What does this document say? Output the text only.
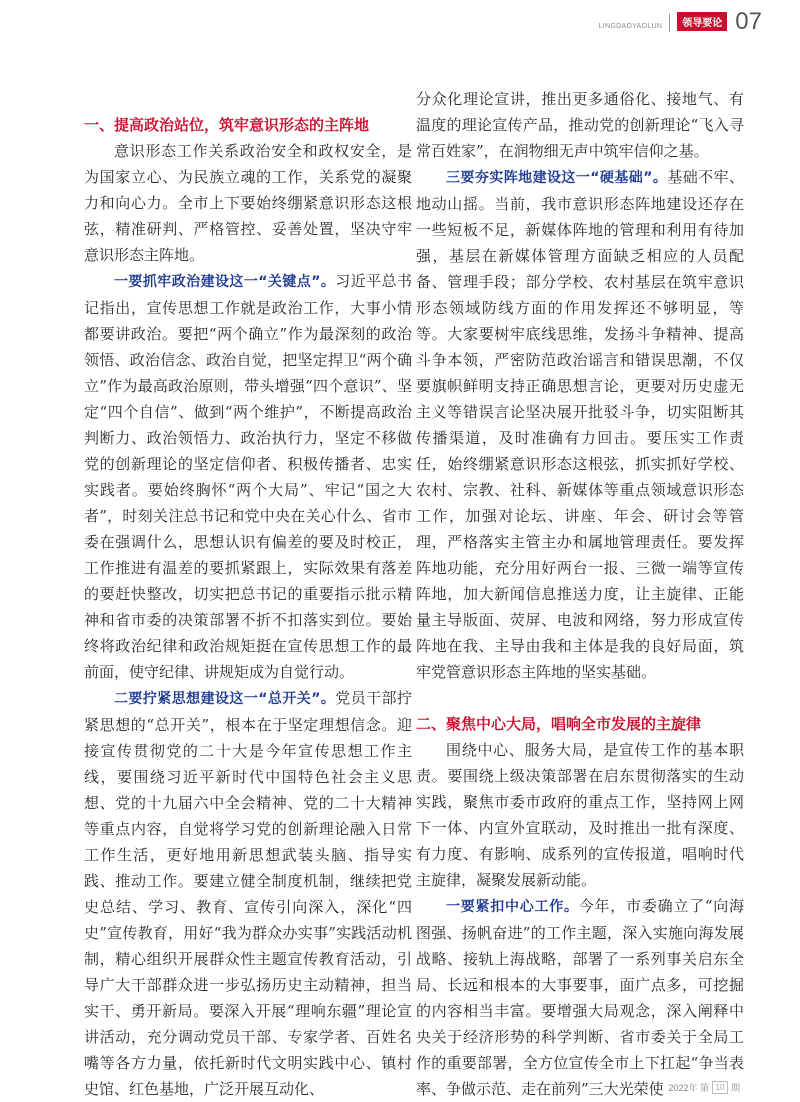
LINGDAOYAOLUN	领导要论 07

一、提高政治站位，筑牢意识形态的主阵地

意识形态工作关系政治安全和政权安全，是为国家立心、为民族立魂的工作，关系党的凝聚力和向心力。全市上下要始终绷紧意识形态这根弦，精准研判、严格管控、妥善处置，坚决守牢意识形态主阵地。

一要抓牢政治建设这一“关键点”。习近平总书记指出，宣传思想工作就是政治工作，大事小情都要讲政治。要把“两个确立”作为最深刻的政治领悟、政治信念、政治自觉，把坚定捍卫“两个确立”作为最高政治原则，带头增强“四个意识”、坚定“四个自信”、做到“两个维护”，不断提高政治判断力、政治领悟力、政治执行力，坚定不移做党的创新理论的坚定信仰者、积极传播者、忠实实践者。要始终胸怀“两个大局”、牢记“国之大者”，时刻关注总书记和党中央在关心什么、省市委在强调什么，思想认识有偏差的要及时校正，工作推进有温差的要抓紧跟上，实际效果有落差的要赶快整改，切实把总书记的重要指示批示精神和省市委的决策部署不折不扣落实到位。要始终将政治纪律和政治规矩挺在宣传思想工作的最前面，使守纪律、讲规矩成为自觉行动。

二要拧紧思想建设这一“总开关”。党员干部拧紧思想的“总开关”，根本在于坚定理想信念。迎接宣传贯彻党的二十大是今年宣传思想工作主线，要围绕习近平新时代中国特色社会主义思想、党的十九届六中全会精神、党的二十大精神等重点内容，自觉将学习党的创新理论融入日常工作生活，更好地用新思想武装头脑、指导实践、推动工作。要建立健全制度机制，继续把党史总结、学习、教育、宣传引向深入，深化“四史”宣传教育，用好“我为群众办实事”实践活动机制，精心组织开展群众性主题宣传教育活动，引导广大干部群众进一步弘扬历史主动精神，担当实干、勇开新局。要深入开展“理响东疆”理论宣讲活动，充分调动党员干部、专家学者、百姓名嘴等各方力量，依托新时代文明实践中心、镇村史馆、红色基地，广泛开展互动化、

分众化理论宣讲，推出更多通俗化、接地气、有温度的理论宣传产品，推动党的创新理论“飞入寻常百姓家”，在润物细无声中筑牢信仰之基。

三要夯实阵地建设这一“硬基础”。基础不牢、地动山摇。当前，我市意识形态阵地建设还存在一些短板不足，新媒体阵地的管理和利用有待加强，基层在新媒体管理方面缺乏相应的人员配备、管理手段；部分学校、农村基层在筑牢意识形态领域防线方面的作用发挥还不够明显，等等。大家要树牢底线思维，发扬斗争精神、提高斗争本领，严密防范政治谣言和错误思潮，不仅要旗帜鲜明支持正确思想言论，更要对历史虚无主义等错误言论坚决展开批驳斗争，切实阻断其传播渠道，及时准确有力回击。要压实工作责任，始终绷紧意识形态这根弦，抓实抓好学校、农村、宗教、社科、新媒体等重点领域意识形态工作，加强对论坛、讲座、年会、研讨会等管理，严格落实主管主办和属地管理责任。要发挥阵地功能，充分用好两台一报、三微一端等宣传阵地，加大新闻信息推送力度，让主旋律、正能量主导版面、荧屏、电波和网络，努力形成宣传阵地在我、主导由我和主体是我的良好局面，筑牢党管意识形态主阵地的坚实基础。

二、聚焦中心大局，唱响全市发展的主旋律

围绕中心、服务大局，是宣传工作的基本职责。要围绕上级决策部署在启东贯彻落实的生动实践，聚焦市委市政府的重点工作，坚持网上网下一体、内宣外宣联动，及时推出一批有深度、有力度、有影响、成系列的宣传报道，唱响时代主旋律，凝聚发展新动能。

一要紧扣中心工作。今年，市委确立了“向海图强、扬帆奋进”的工作主题，深入实施向海发展战略、接轨上海战略，部署了一系列事关启东全局、长远和根本的大事要事，面广点多，可挖掘的内容相当丰富。要增强大局观念，深入阐释中央关于经济形势的科学判断、省市委关于全局工作的重要部署，全方位宣传全市上下扛起“争当表率、争做示范、走在前列”三大光荣使 2022年 第 10 期
